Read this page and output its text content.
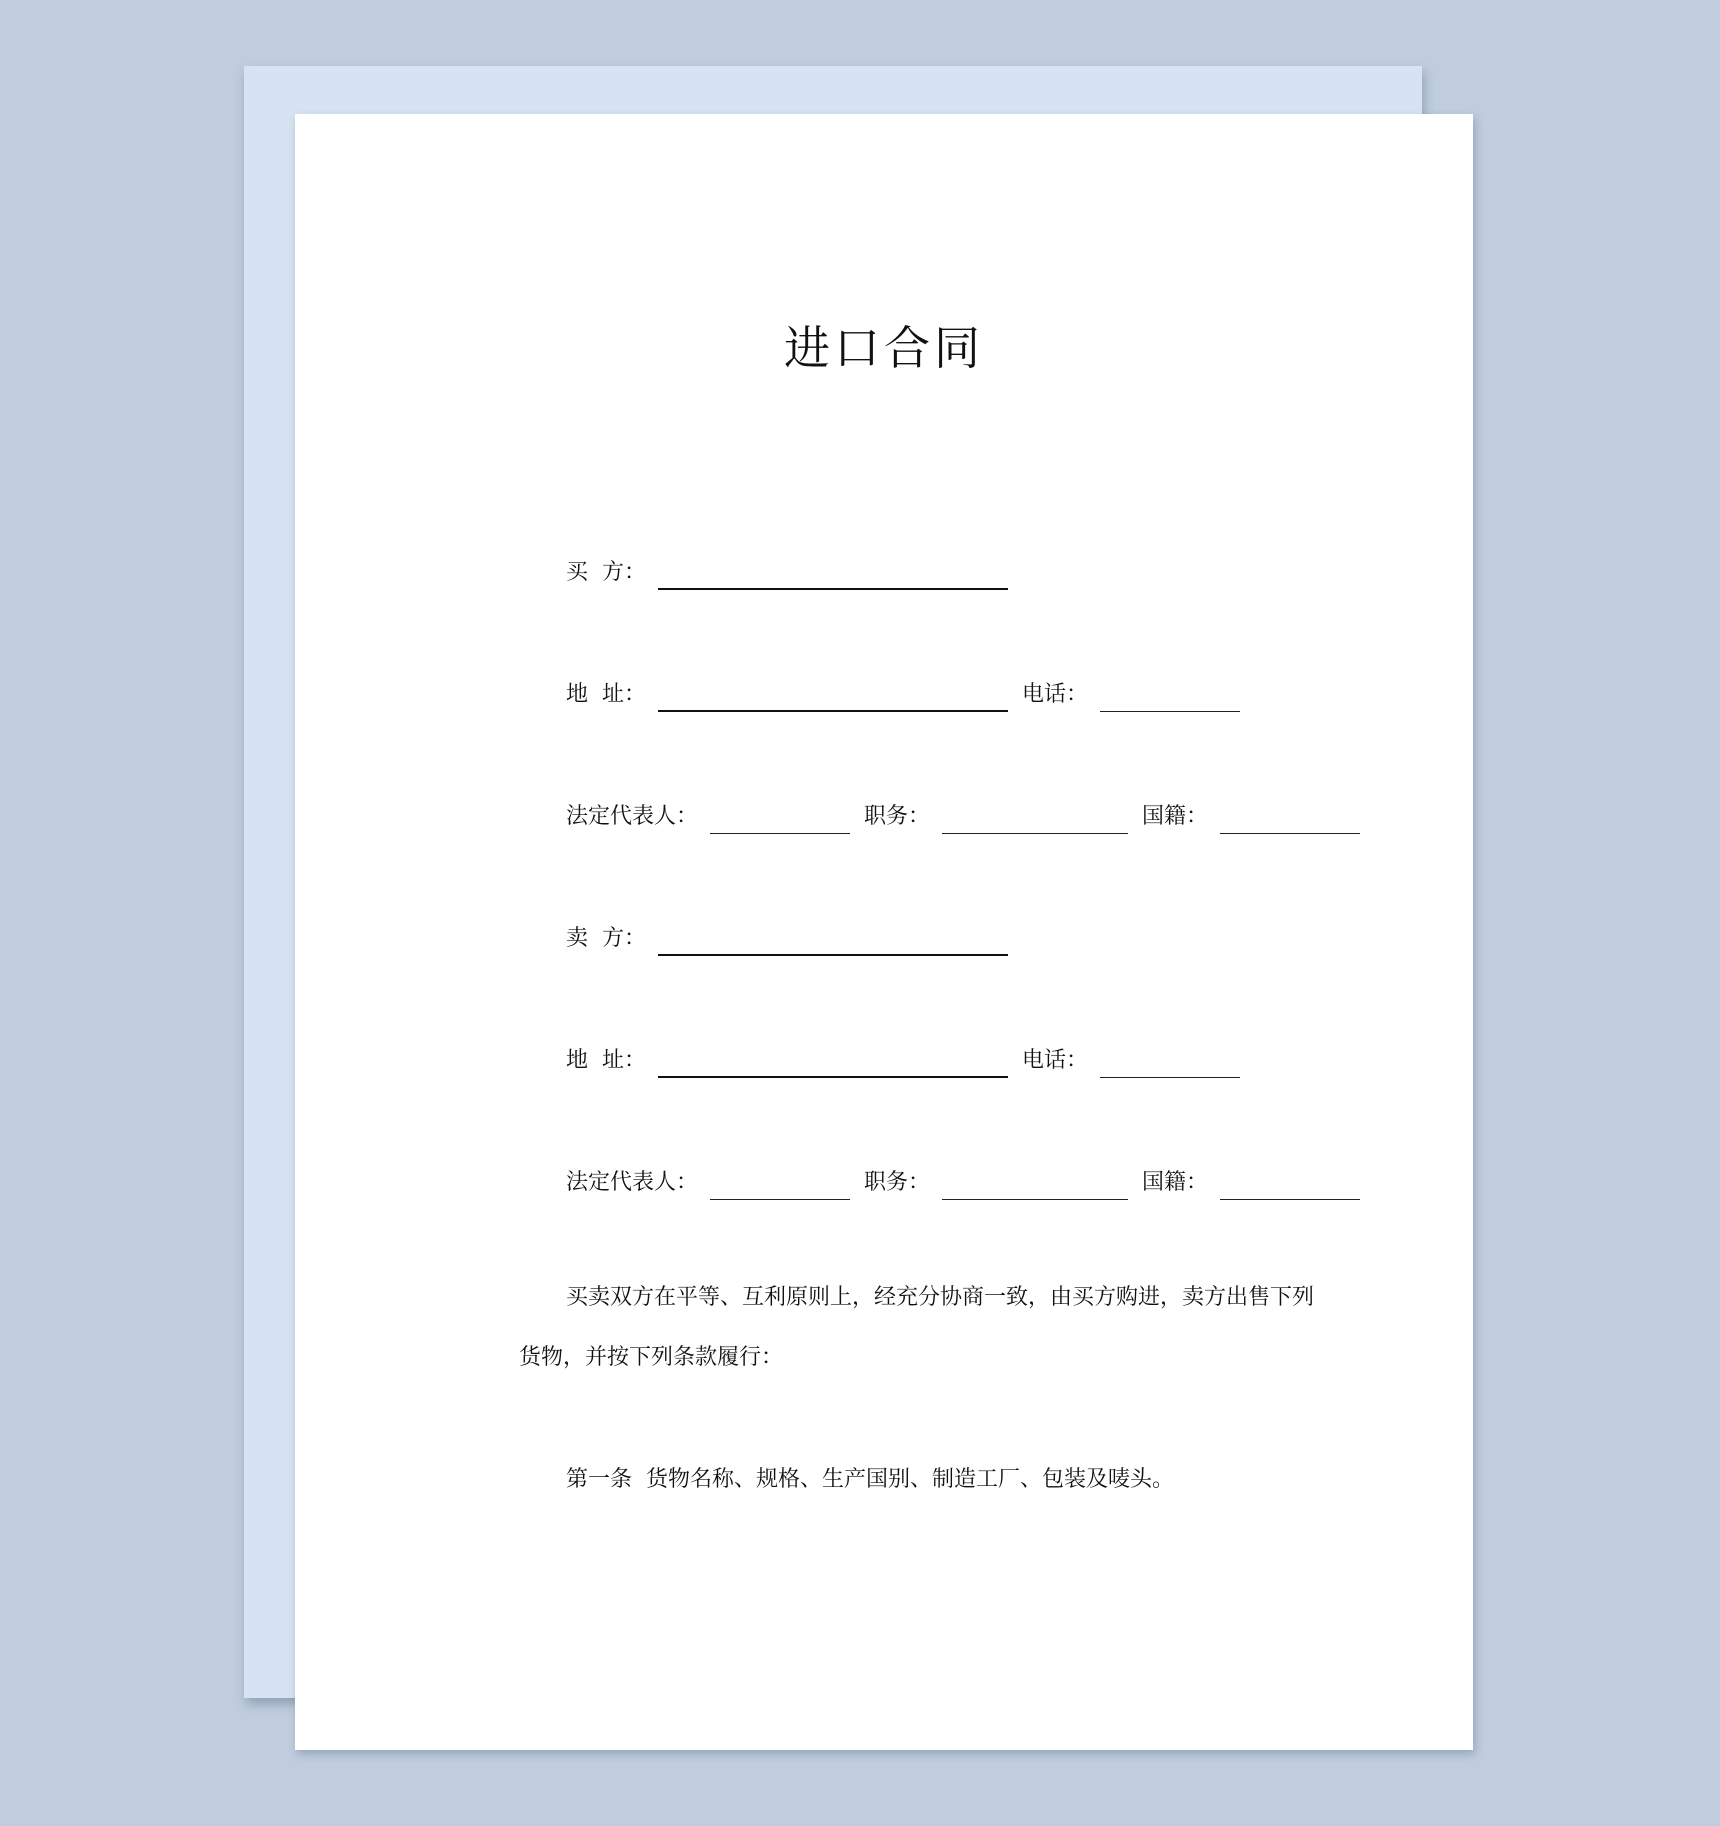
进口合同
买  方：
地  址：	电话：
法定代表人：	职务：	国籍：
卖  方：
地  址：	电话：
法定代表人：	职务：	国籍：
买卖双方在平等、互利原则上，经充分协商一致，由买方购进，卖方出售下列
货物，并按下列条款履行：
第一条  货物名称、规格、生产国别、制造工厂、包装及唛头。
